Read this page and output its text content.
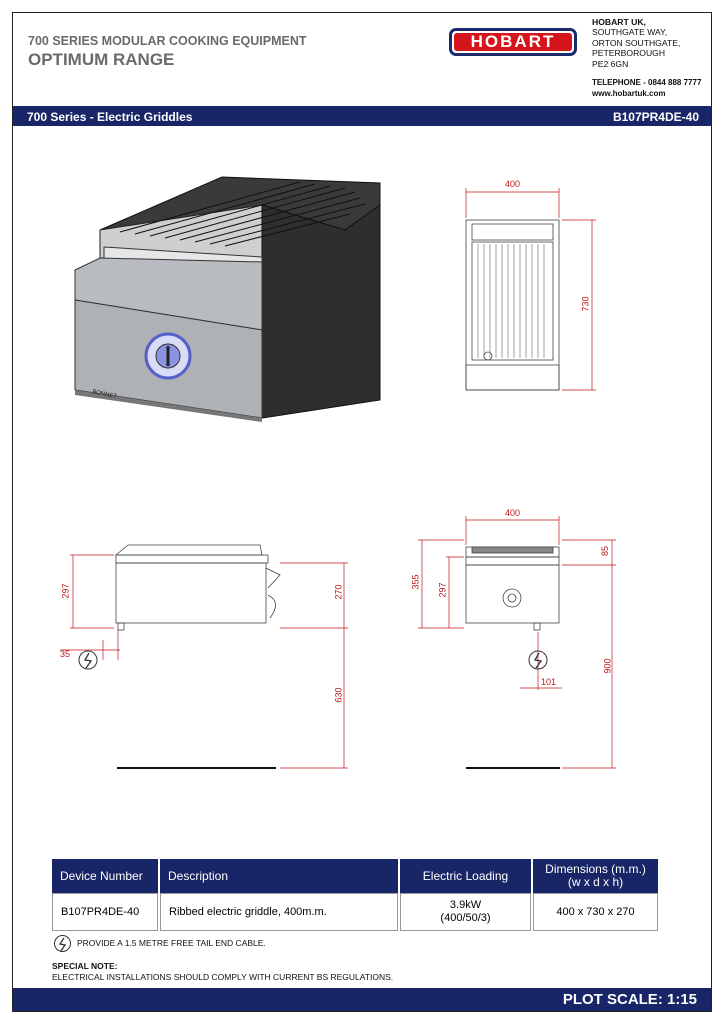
700 SERIES MODULAR COOKING EQUIPMENT
OPTIMUM RANGE
HOBART
HOBART UK,
SOUTHGATE WAY,
ORTON SOUTHGATE,
PETERBOROUGH
PE2 6GN
TELEPHONE - 0844 888 7777
www.hobartuk.com
700 Series - Electric Griddles	B107PR4DE-40
BONNET
400
730
400
355
297
85
900
101
297	270
630
35
Device Number	Description	Electric Loading	Dimensions (m.m.)
(w x d x h)
B107PR4DE-40	Ribbed electric griddle, 400m.m.	3.9kW
(400/50/3)	400 x 730 x 270
PROVIDE A 1.5 METRE FREE TAIL END CABLE.
SPECIAL NOTE:
ELECTRICAL INSTALLATIONS SHOULD COMPLY WITH CURRENT BS REGULATIONS.
PLOT SCALE: 1:15
